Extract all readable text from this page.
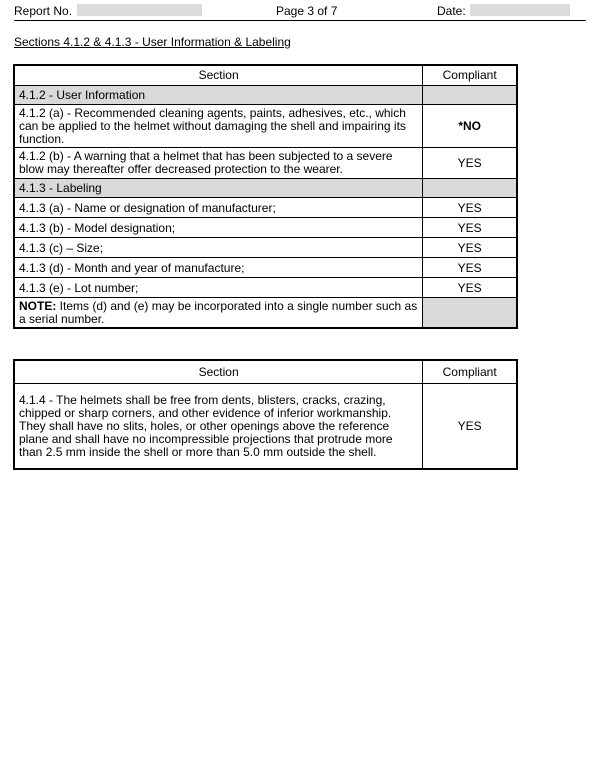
Report No.	Page 3 of 7	Date:
Sections 4.1.2 & 4.1.3 - User Information & Labeling
Section	Compliant
4.1.2 - User Information	
4.1.2 (a) - Recommended cleaning agents, paints, adhesives, etc., which can be applied to the helmet without damaging the shell and impairing its function.	*NO
4.1.2 (b) - A warning that a helmet that has been subjected to a severe blow may thereafter offer decreased protection to the wearer.	YES
4.1.3 - Labeling	
4.1.3 (a) - Name or designation of manufacturer;	YES
4.1.3 (b) - Model designation;	YES
4.1.3 (c) – Size;	YES
4.1.3 (d) - Month and year of manufacture;	YES
4.1.3 (e) - Lot number;	YES
NOTE: Items (d) and (e) may be incorporated into a single number such as a serial number.	
Section	Compliant
4.1.4 - The helmets shall be free from dents, blisters, cracks, crazing, chipped or sharp corners, and other evidence of inferior workmanship. They shall have no slits, holes, or other openings above the reference plane and shall have no incompressible projections that protrude more than 2.5 mm inside the shell or more than 5.0 mm outside the shell.	YES
